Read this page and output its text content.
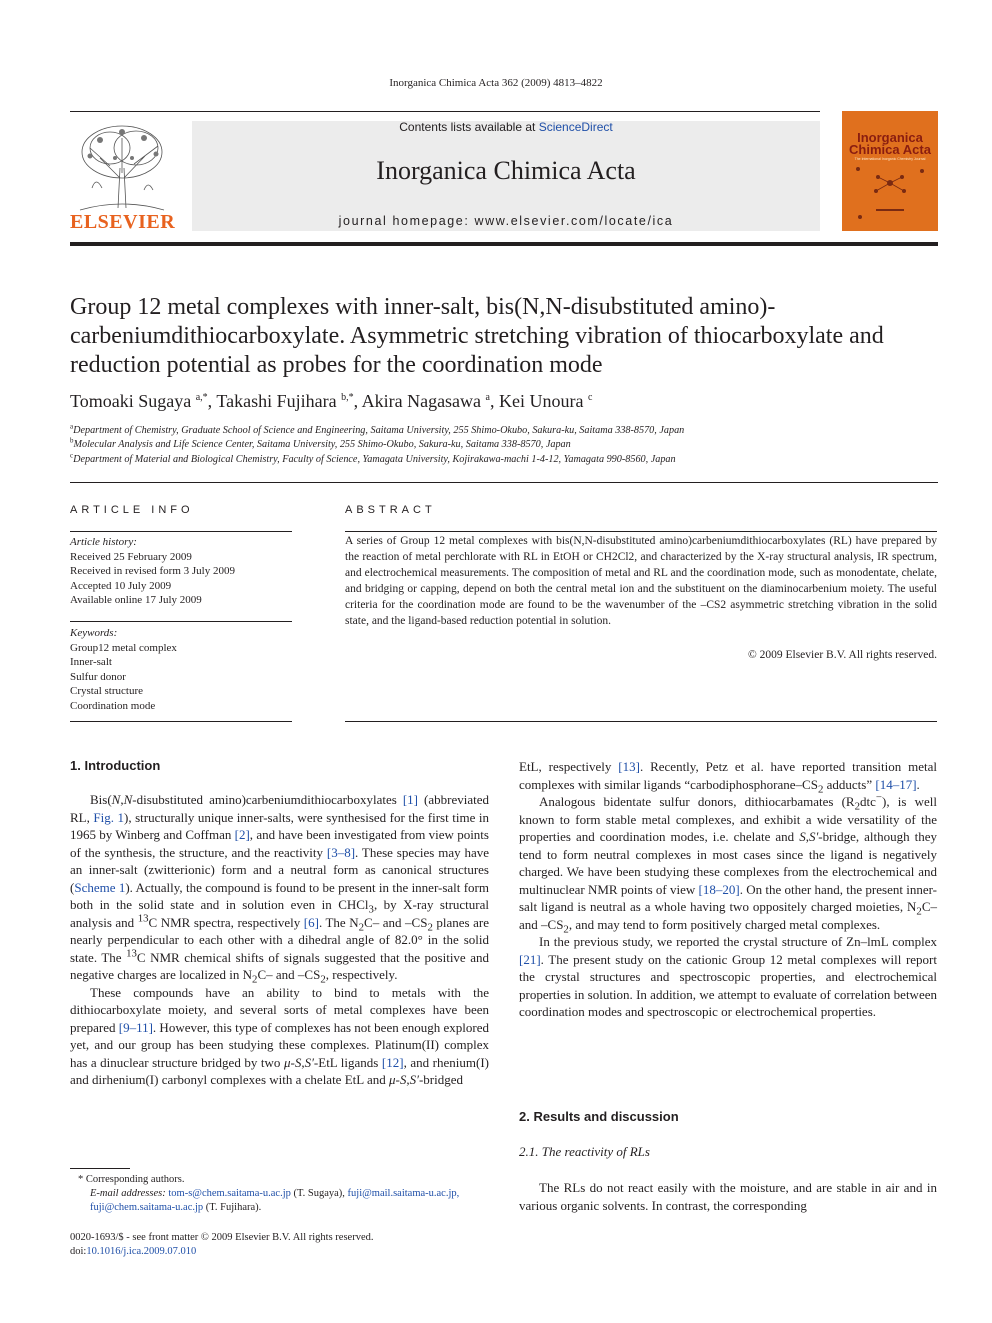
Inorganica Chimica Acta 362 (2009) 4813–4822
ELSEVIER
Contents lists available at ScienceDirect
Inorganica Chimica Acta
journal homepage: www.elsevier.com/locate/ica
Inorganica
Chimica Acta
The International Inorganic Chemistry Journal
Group 12 metal complexes with inner-salt, bis(N,N-disubstituted amino)-carbeniumdithiocarboxylate. Asymmetric stretching vibration of thiocarboxylate and reduction potential as probes for the coordination mode
Tomoaki Sugaya $^{a,*}$, Takashi Fujihara $^{b,*}$, Akira Nagasawa $^a$, Kei Unoura $^c$
$^a$Department of Chemistry, Graduate School of Science and Engineering, Saitama University, 255 Shimo-Okubo, Sakura-ku, Saitama 338-8570, Japan
$^b$Molecular Analysis and Life Science Center, Saitama University, 255 Shimo-Okubo, Sakura-ku, Saitama 338-8570, Japan
$^c$Department of Material and Biological Chemistry, Faculty of Science, Yamagata University, Kojirakawa-machi 1-4-12, Yamagata 990-8560, Japan
ARTICLE INFO
Article history:
Received 25 February 2009
Received in revised form 3 July 2009
Accepted 10 July 2009
Available online 17 July 2009
Keywords:
Group12 metal complex
Inner-salt
Sulfur donor
Crystal structure
Coordination mode
ABSTRACT
A series of Group 12 metal complexes with bis(N,N-disubstituted amino)carbeniumdithiocarboxylates (RL) have prepared by the reaction of metal perchlorate with RL in EtOH or CH2Cl2, and characterized by the X-ray structural analysis, IR spectrum, and electrochemical measurements. The composition of metal and RL and the coordination mode, such as monodentate, chelate, and bridging or capping, depend on both the central metal ion and the substituent on the diaminocarbenium moiety. The useful criteria for the coordination mode are found to be the wavenumber of the –CS2 asymmetric stretching vibration in the solid state, and the ligand-based reduction potential in solution.
© 2009 Elsevier B.V. All rights reserved.
1. Introduction

Bis(N,N-disubstituted amino)carbeniumdithiocarboxylates [1] (abbreviated RL, Fig. 1), structurally unique inner-salts, were synthesised for the first time in 1965 by Winberg and Coffman [2], and have been investigated from view points of the synthesis, the structure, and the reactivity [3–8]. These species may have an inner-salt (zwitterionic) form and a neutral form as canonical structures (Scheme 1). Actually, the compound is found to be present in the inner-salt form both in the solid state and in solution even in CHCl$_3$, by X-ray structural analysis and $^{13}$C NMR spectra, respectively [6]. The $N_2C-$ and $-CS_2$ planes are nearly perpendicular to each other with a dihedral angle of 82.0° in the solid state. The $^{13}$C NMR chemical shifts of signals suggested that the positive and negative charges are localized in $N_2C-$ and $-CS_2$, respectively.

These compounds have an ability to bind to metals with the dithiocarboxylate moiety, and several sorts of metal complexes have been prepared [9–11]. However, this type of complexes has not been enough explored yet, and our group has been studying these complexes. Platinum(II) complex has a dinuclear structure bridged by two μ-S,S′-EtL ligands [12], and rhenium(I) and dirhenium(I) carbonyl complexes with a chelate EtL and μ-S,S′-bridged

* Corresponding authors.
E-mail addresses: tom-s@chem.saitama-u.ac.jp (T. Sugaya), fuji@mail.saitama-u.ac.jp, fuji@chem.saitama-u.ac.jp (T. Fujihara).
0020-1693/$ - see front matter © 2009 Elsevier B.V. All rights reserved.
doi:10.1016/j.ica.2009.07.010

EtL, respectively [13]. Recently, Petz et al. have reported transition metal complexes with similar ligands “$carbodiphosphorane-CS_2$ adducts” [14–17].

Analogous bidentate sulfur donors, dithiocarbamates $(R_2dtc^-)$, is well known to form stable metal complexes, and exhibit a wide versatility of the properties and coordination modes, i.e. chelate and S,S′-bridge, although they tend to form neutral complexes in most cases since the ligand is negatively charged. We have been studying these complexes from the electrochemical and multinuclear NMR points of view [18–20]. On the other hand, the present inner-salt ligand is neutral as a whole having two oppositely charged moieties, $N_2C-$ and $-CS_2$, and may tend to form positively charged metal complexes.

In the previous study, we reported the crystal structure of Zn–lmL complex [21]. The present study on the cationic Group 12 metal complexes will report the crystal structures and spectroscopic properties, and electrochemical properties in solution. In addition, we attempt to evaluate of correlation between coordination modes and spectroscopic or electrochemical properties.

2. Results and discussion
2.1. The reactivity of RLs

The RLs do not react easily with the moisture, and are stable in air and in various organic solvents. In contrast, the corresponding
